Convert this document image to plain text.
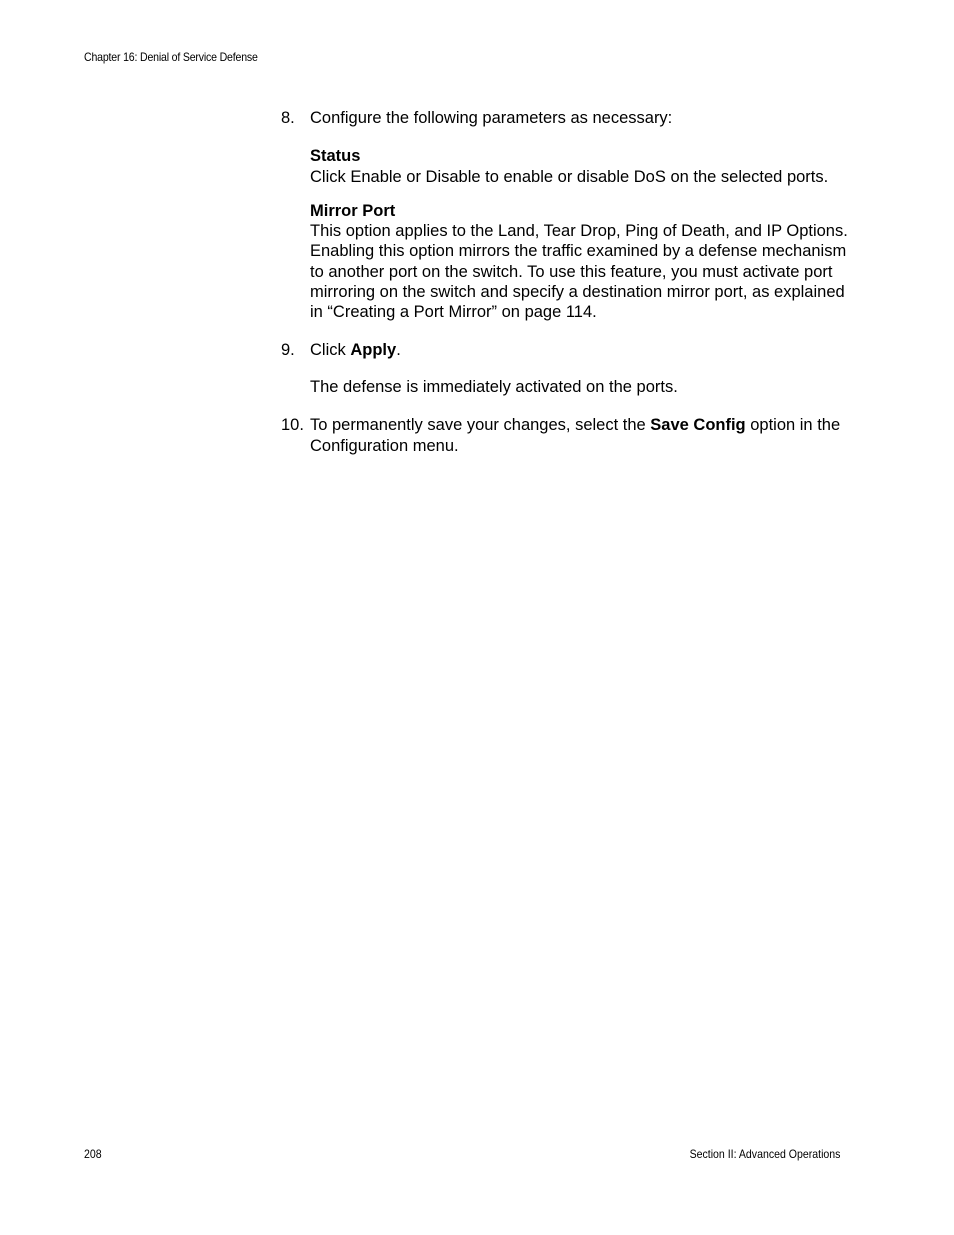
Chapter 16: Denial of Service Defense
8. Configure the following parameters as necessary:
Status
Click Enable or Disable to enable or disable DoS on the selected ports.
Mirror Port
This option applies to the Land, Tear Drop, Ping of Death, and IP Options. Enabling this option mirrors the traffic examined by a defense mechanism to another port on the switch. To use this feature, you must activate port mirroring on the switch and specify a destination mirror port, as explained in “Creating a Port Mirror” on page 114.
9. Click Apply.
The defense is immediately activated on the ports.
10. To permanently save your changes, select the Save Config option in the Configuration menu.
208	Section II: Advanced Operations
